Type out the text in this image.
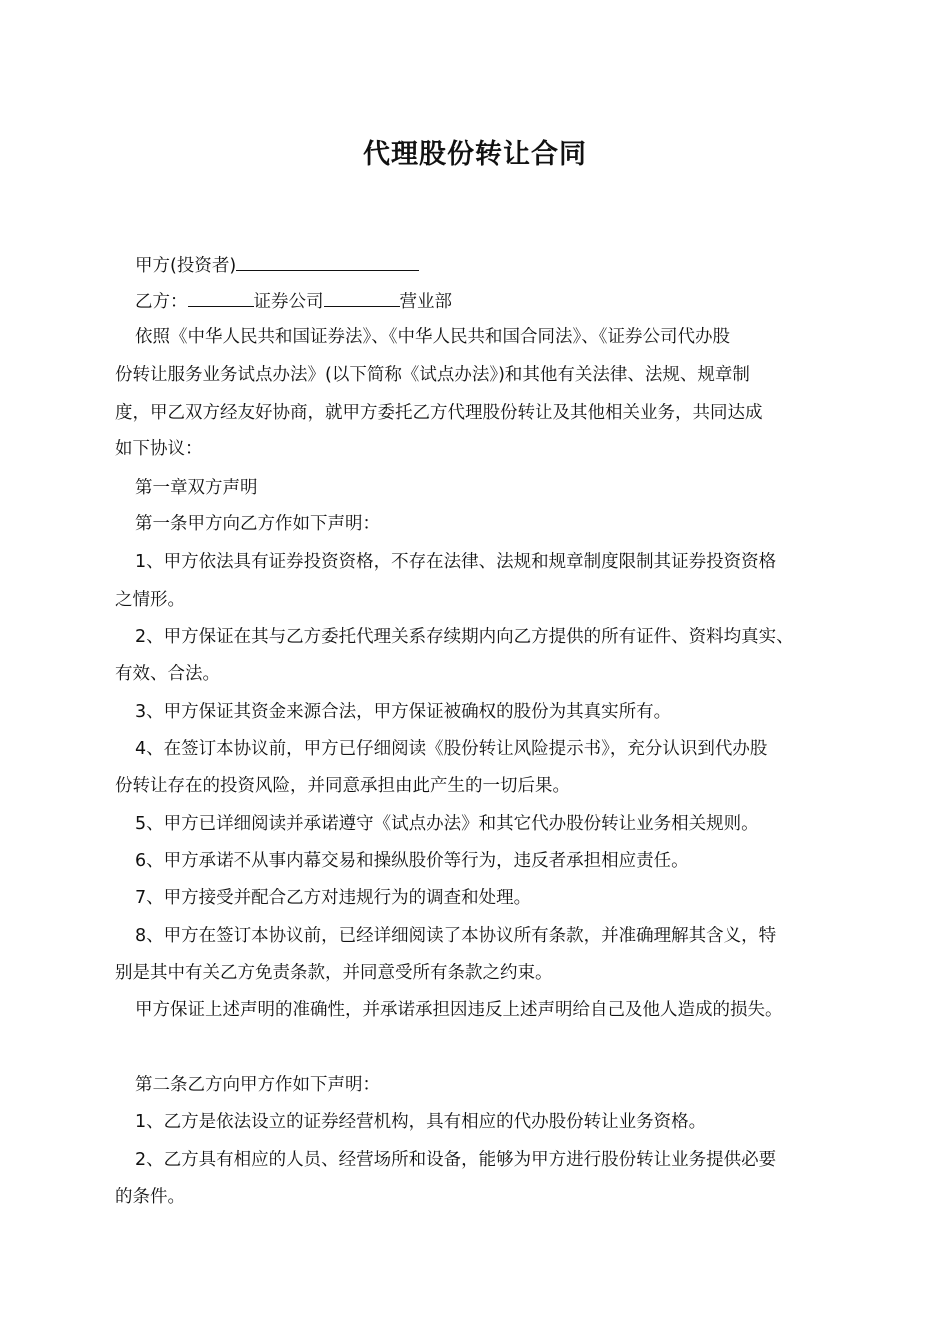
代理股份转让合同

甲方(投资者)

乙方：	证券公司	营业部

依照《中华人民共和国证券法》、《中华人民共和国合同法》、《证券公司代办股

份转让服务业务试点办法》(以下简称《试点办法》)和其他有关法律、法规、规章制

度，甲乙双方经友好协商，就甲方委托乙方代理股份转让及其他相关业务，共同达成

如下协议：

第一章双方声明

第一条甲方向乙方作如下声明：

1、甲方依法具有证券投资资格，不存在法律、法规和规章制度限制其证券投资资格

之情形。

2、甲方保证在其与乙方委托代理关系存续期内向乙方提供的所有证件、资料均真实、

有效、合法。

3、甲方保证其资金来源合法，甲方保证被确权的股份为其真实所有。

4、在签订本协议前，甲方已仔细阅读《股份转让风险提示书》，充分认识到代办股

份转让存在的投资风险，并同意承担由此产生的一切后果。

5、甲方已详细阅读并承诺遵守《试点办法》和其它代办股份转让业务相关规则。

6、甲方承诺不从事内幕交易和操纵股价等行为，违反者承担相应责任。

7、甲方接受并配合乙方对违规行为的调查和处理。

8、甲方在签订本协议前，已经详细阅读了本协议所有条款，并准确理解其含义，特

别是其中有关乙方免责条款，并同意受所有条款之约束。

甲方保证上述声明的准确性，并承诺承担因违反上述声明给自己及他人造成的损失。

第二条乙方向甲方作如下声明：

1、乙方是依法设立的证券经营机构，具有相应的代办股份转让业务资格。

2、乙方具有相应的人员、经营场所和设备，能够为甲方进行股份转让业务提供必要

的条件。
